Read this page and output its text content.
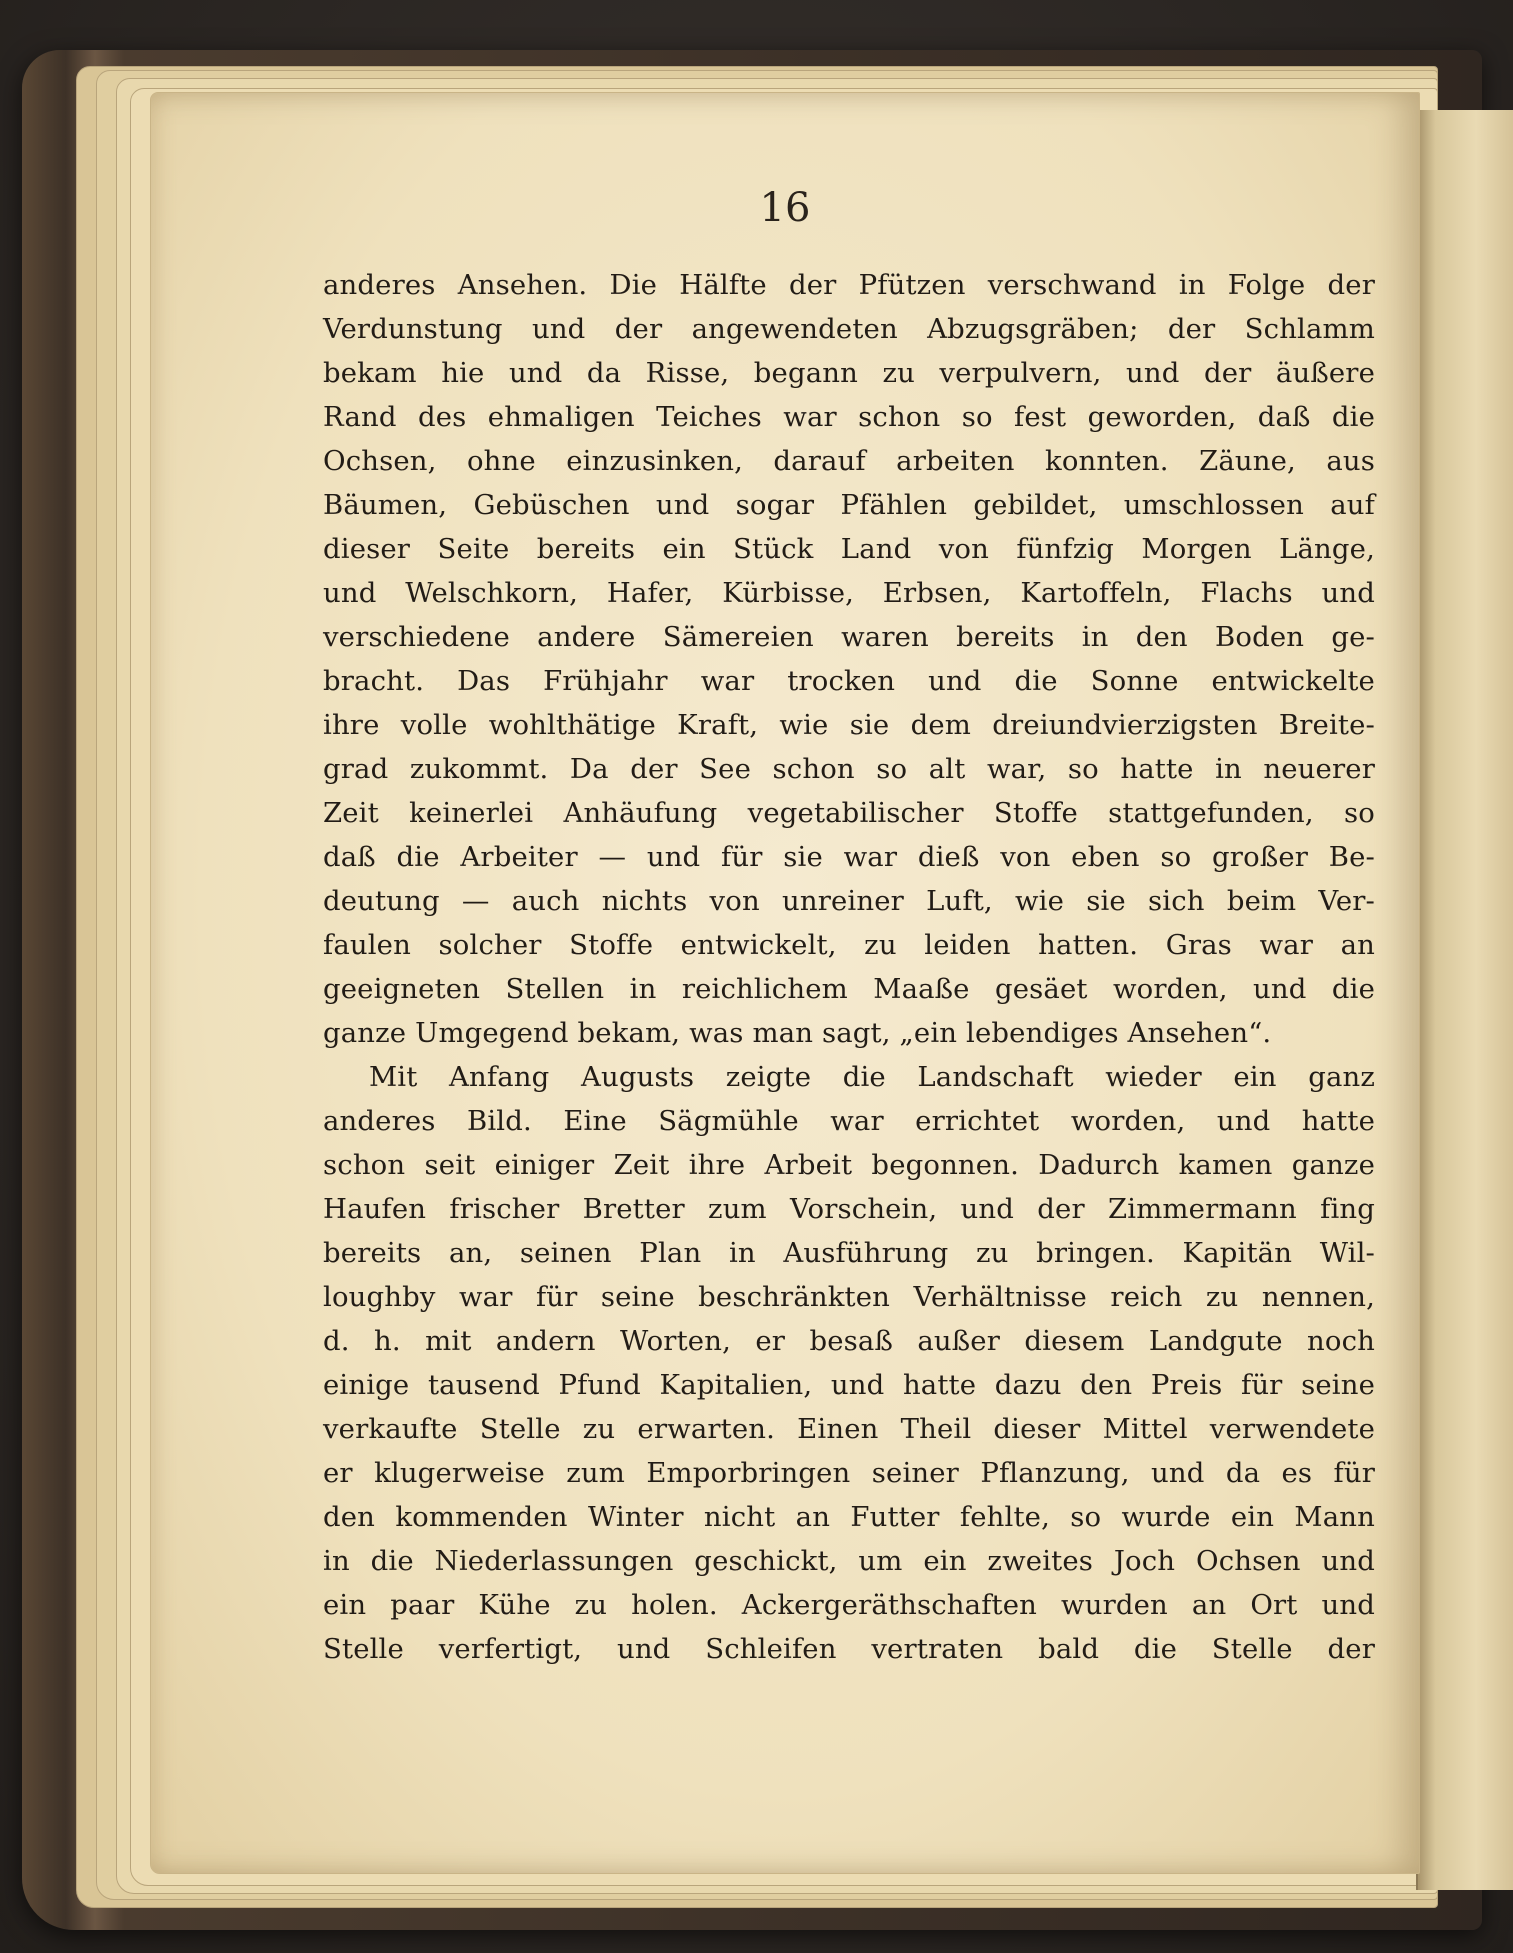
16

anderes Ansehen. Die Hälfte der Pfützen verschwand in Folge der
Verdunstung und der angewendeten Abzugsgräben; der Schlamm
bekam hie und da Risse, begann zu verpulvern, und der äußere
Rand des ehmaligen Teiches war schon so fest geworden, daß die
Ochsen, ohne einzusinken, darauf arbeiten konnten. Zäune, aus
Bäumen, Gebüschen und sogar Pfählen gebildet, umschlossen auf
dieser Seite bereits ein Stück Land von fünfzig Morgen Länge,
und Welschkorn, Hafer, Kürbisse, Erbsen, Kartoffeln, Flachs und
verschiedene andere Sämereien waren bereits in den Boden ge-
bracht. Das Frühjahr war trocken und die Sonne entwickelte
ihre volle wohlthätige Kraft, wie sie dem dreiundvierzigsten Breite-
grad zukommt. Da der See schon so alt war, so hatte in neuerer
Zeit keinerlei Anhäufung vegetabilischer Stoffe stattgefunden, so
daß die Arbeiter — und für sie war dieß von eben so großer Be-
deutung — auch nichts von unreiner Luft, wie sie sich beim Ver-
faulen solcher Stoffe entwickelt, zu leiden hatten. Gras war an
geeigneten Stellen in reichlichem Maaße gesäet worden, und die
ganze Umgegend bekam, was man sagt, „ein lebendiges Ansehen“.
Mit Anfang Augusts zeigte die Landschaft wieder ein ganz
anderes Bild. Eine Sägmühle war errichtet worden, und hatte
schon seit einiger Zeit ihre Arbeit begonnen. Dadurch kamen ganze
Haufen frischer Bretter zum Vorschein, und der Zimmermann fing
bereits an, seinen Plan in Ausführung zu bringen. Kapitän Wil-
loughby war für seine beschränkten Verhältnisse reich zu nennen,
d. h. mit andern Worten, er besaß außer diesem Landgute noch
einige tausend Pfund Kapitalien, und hatte dazu den Preis für seine
verkaufte Stelle zu erwarten. Einen Theil dieser Mittel verwendete
er klugerweise zum Emporbringen seiner Pflanzung, und da es für
den kommenden Winter nicht an Futter fehlte, so wurde ein Mann
in die Niederlassungen geschickt, um ein zweites Joch Ochsen und
ein paar Kühe zu holen. Ackergeräthschaften wurden an Ort und
Stelle verfertigt, und Schleifen vertraten bald die Stelle der
